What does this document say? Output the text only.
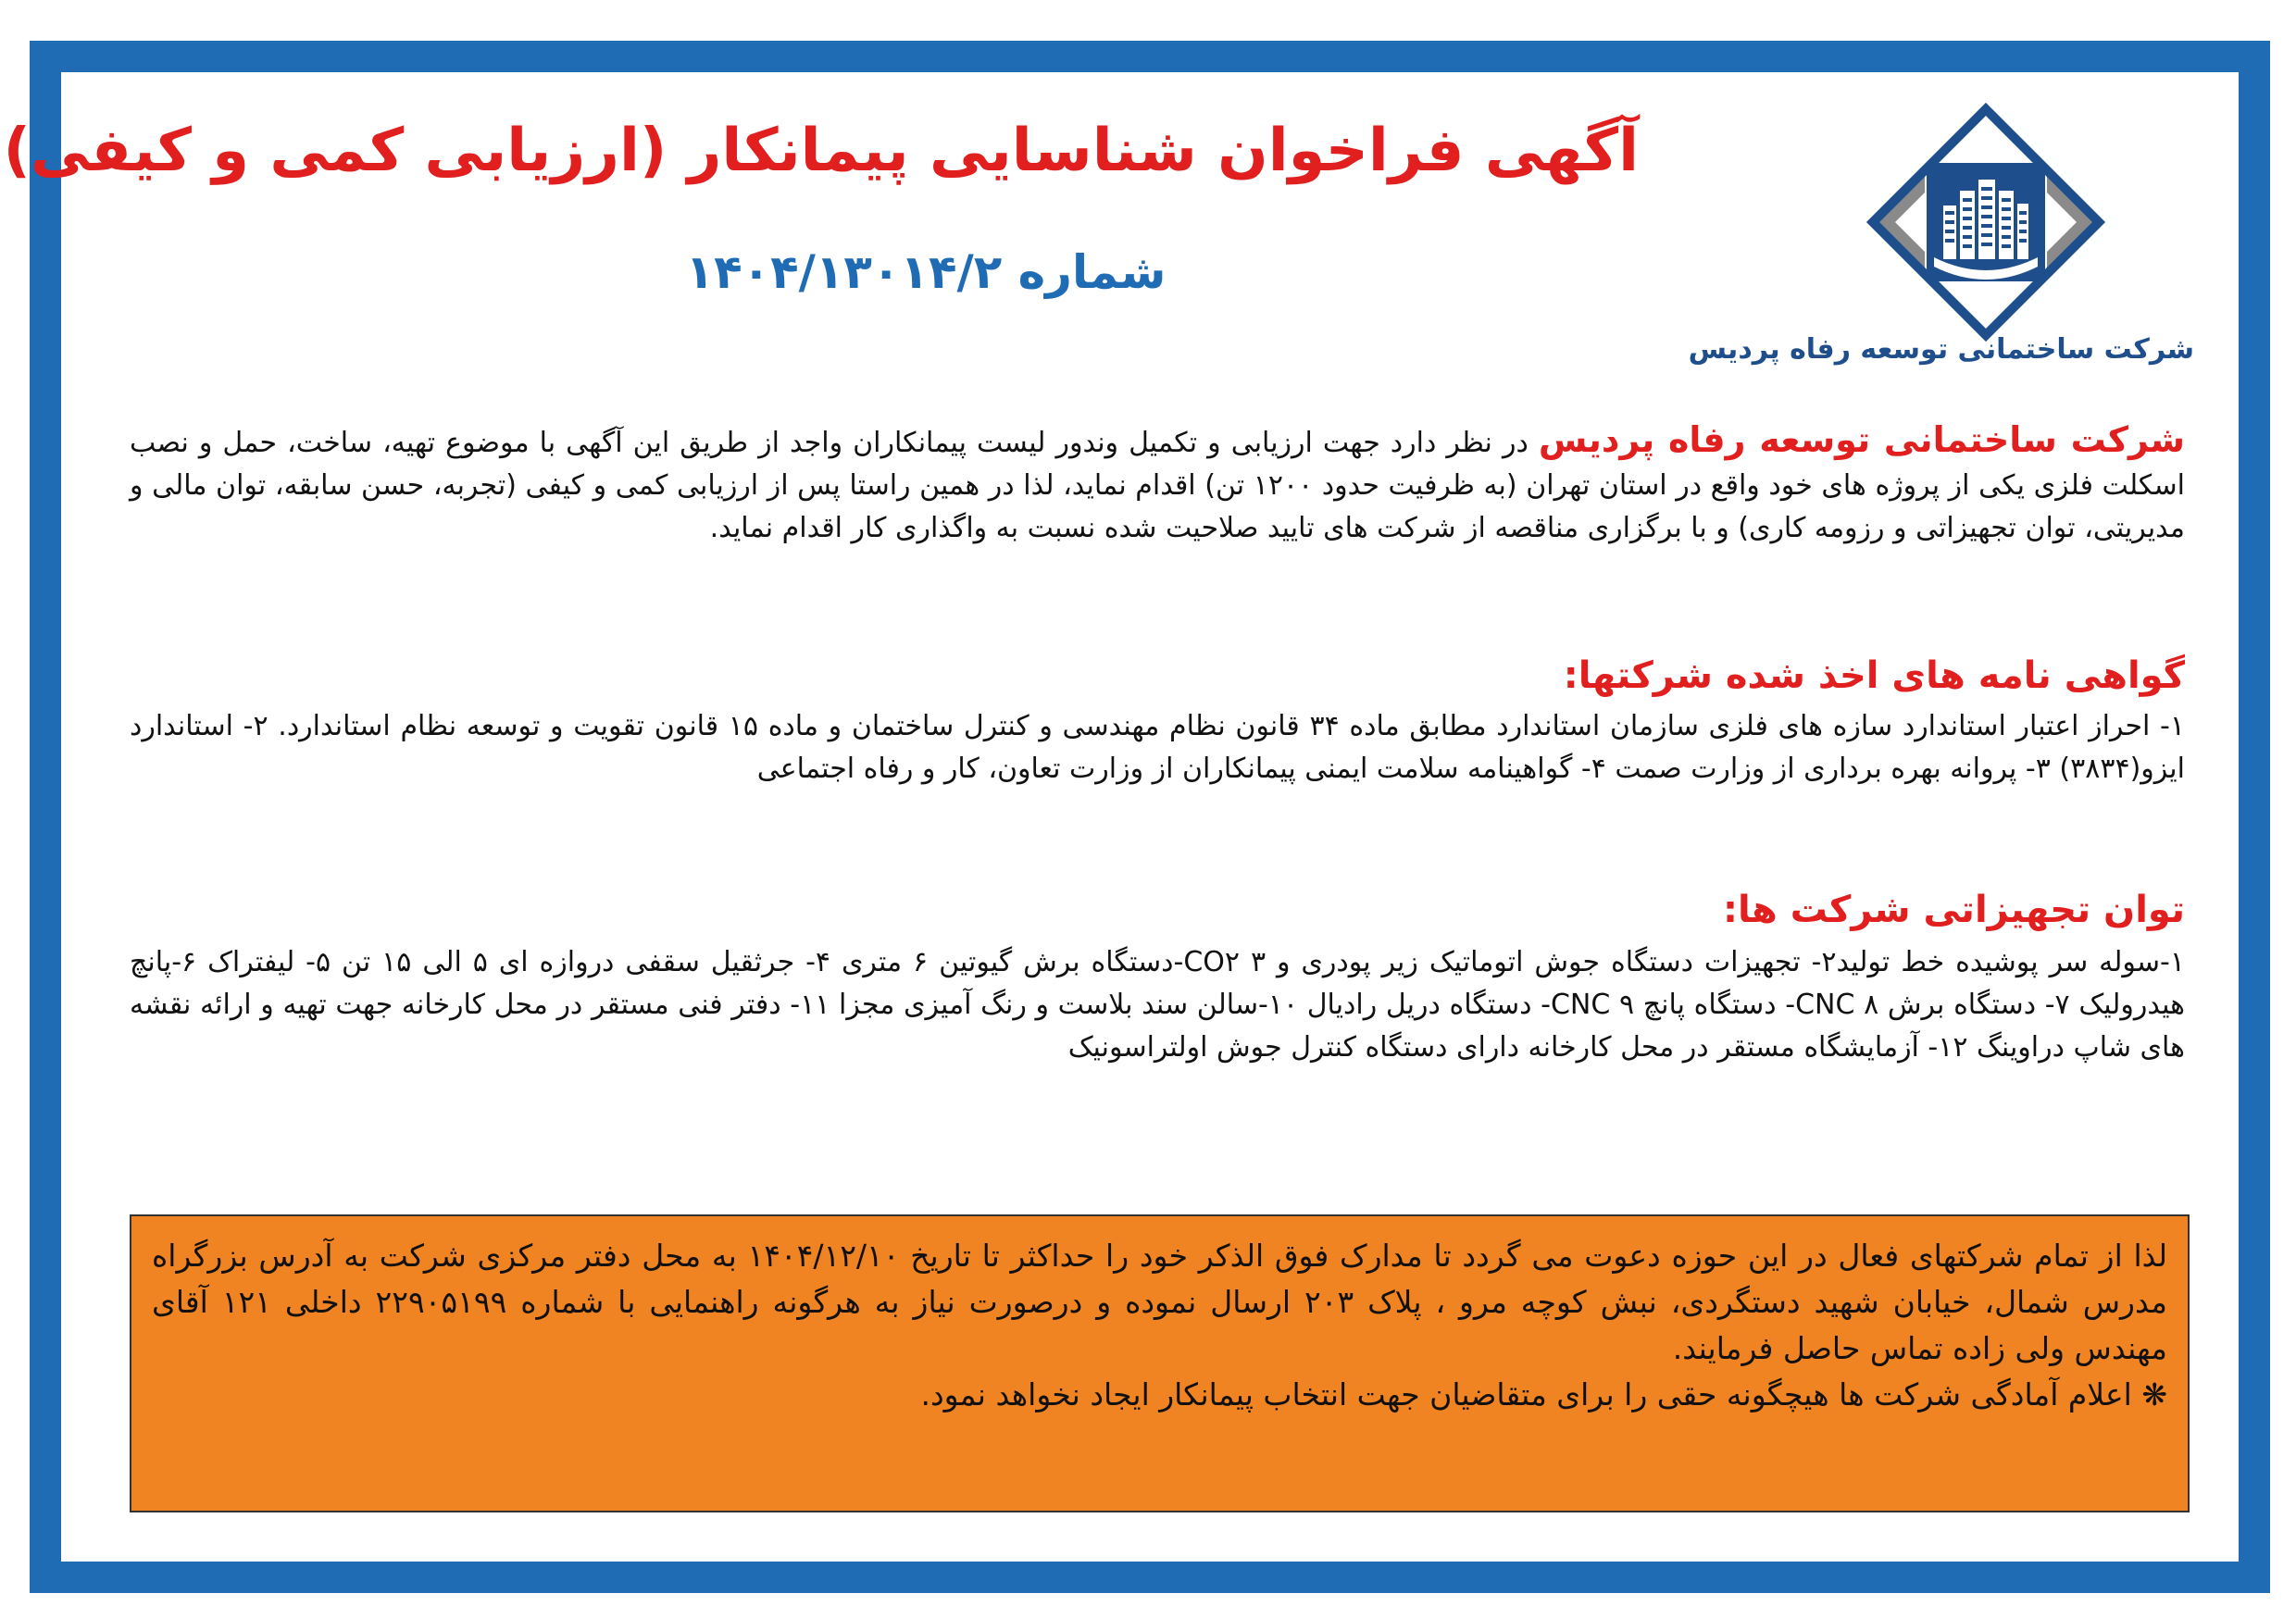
آگهی فراخوان شناسایی پیمانکار (ارزیابی کمی و کیفی)
شماره ۱۴۰۴/۱۳۰۱۴/۲
شرکت ساختمانی توسعه رفاه پردیس
شرکت ساختمانی توسعه رفاه پردیس در نظر دارد جهت ارزیابی و تکمیل وندور لیست پیمانکاران واجد از طریق این آگهی با موضوع تهیه، ساخت، حمل و نصب اسکلت فلزی یکی از پروژه های خود واقع در استان تهران (به ظرفیت حدود ۱۲۰۰ تن) اقدام نماید، لذا در همین راستا پس از ارزیابی کمی و کیفی (تجربه، حسن سابقه، توان مالی و مدیریتی، توان تجهیزاتی و رزومه کاری) و با برگزاری مناقصه از شرکت های تایید صلاحیت شده نسبت به واگذاری کار اقدام نماید.
گواهی نامه های اخذ شده شرکتها:
۱- احراز اعتبار استاندارد سازه های فلزی سازمان استاندارد مطابق ماده ۳۴ قانون نظام مهندسی و کنترل ساختمان و ماده ۱۵ قانون تقویت و توسعه نظام استاندارد. ۲- استاندارد ایزو(۳۸۳۴) ۳- پروانه بهره برداری از وزارت صمت ۴- گواهینامه سلامت ایمنی پیمانکاران از وزارت تعاون، کار و رفاه اجتماعی
توان تجهیزاتی شرکت ها:
۱-سوله سر پوشیده خط تولید۲- تجهیزات دستگاه جوش اتوماتیک زیر پودری و CO۲ ۳-دستگاه برش گیوتین ۶ متری ۴- جرثقیل سقفی دروازه ای ۵ الی ۱۵ تن ۵- لیفتراک ۶-پانچ هیدرولیک ۷- دستگاه برش CNC ۸- دستگاه پانچ CNC ۹- دستگاه دریل رادیال ۱۰-سالن سند بلاست و رنگ آمیزی مجزا ۱۱- دفتر فنی مستقر در محل کارخانه جهت تهیه و ارائه نقشه های شاپ دراوینگ ۱۲- آزمایشگاه مستقر در محل کارخانه دارای دستگاه کنترل جوش اولتراسونیک
لذا از تمام شرکتهای فعال در این حوزه دعوت می گردد تا مدارک فوق الذکر خود را حداکثر تا تاریخ ۱۴۰۴/۱۲/۱۰ به محل دفتر مرکزی شرکت به آدرس بزرگراه مدرس شمال، خیابان شهید دستگردی، نبش کوچه مرو ، پلاک ۲۰۳ ارسال نموده و درصورت نیاز به هرگونه راهنمایی با شماره ۲۲۹۰۵۱۹۹ داخلی ۱۲۱ آقای مهندس ولی زاده تماس حاصل فرمایند.
❋ اعلام آمادگی شرکت ها هیچگونه حقی را برای متقاضیان جهت انتخاب پیمانکار ایجاد نخواهد نمود.
